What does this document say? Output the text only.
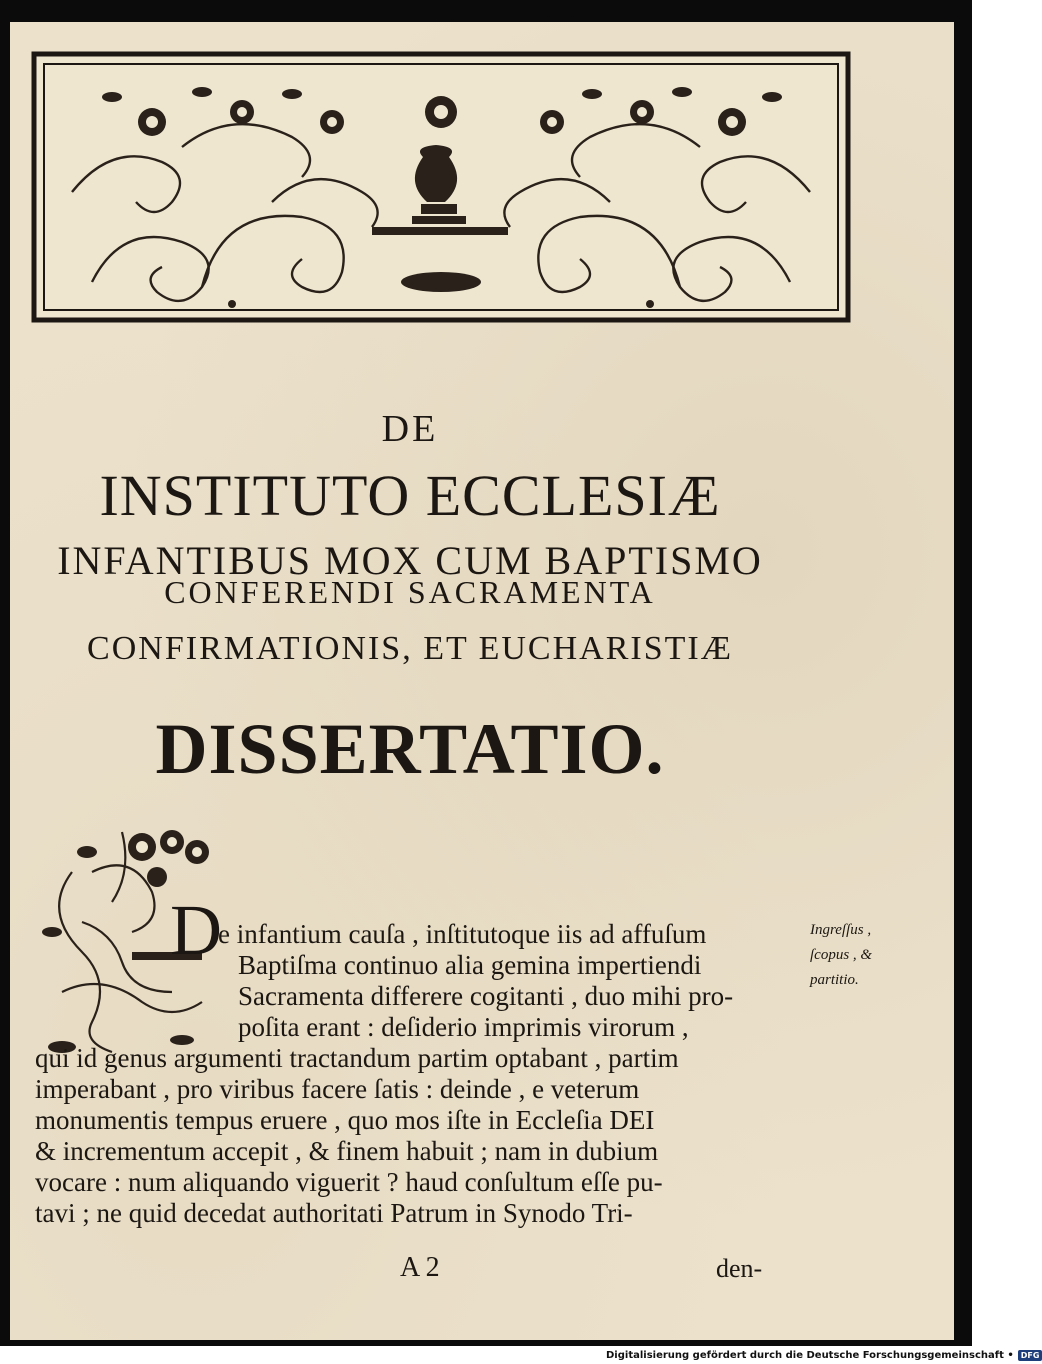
DE
INSTITUTO ECCLESIÆ
INFANTIBUS MOX CUM BAPTISMO
CONFERENDI SACRAMENTA
CONFIRMATIONIS, ET EUCHARISTIÆ
DISSERTATIO.
D
e infantium cauſa , inſtitutoque iis ad affuſum
Baptiſma continuo alia gemina impertiendi
Sacramenta differere cogitanti , duo mihi pro-
poſita erant : deſiderio imprimis virorum ,
qui id genus argumenti tractandum partim optabant , partim
imperabant , pro viribus facere ſatis : deinde , e veterum
monumentis tempus eruere , quo mos iſte in Eccleſia DEI
& incrementum accepit , & finem habuit ; nam in dubium
vocare : num aliquando viguerit ? haud conſultum eſſe pu-
tavi ; ne quid decedat authoritati Patrum in Synodo Tri-
Ingreſſus ,
ſcopus , &
partitio.
A 2	den-
Digitalisierung gefördert durch die Deutsche Forschungsgemeinschaft • DFG
